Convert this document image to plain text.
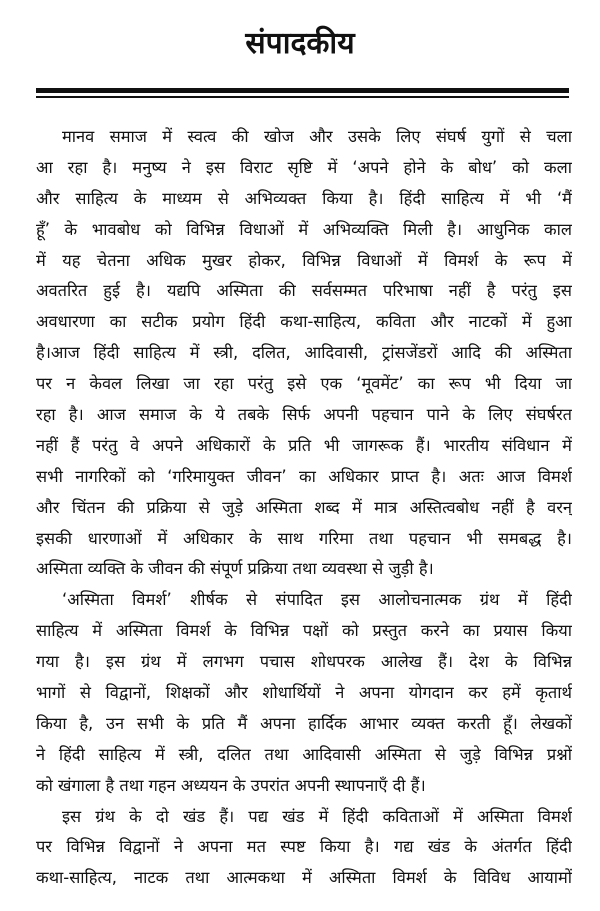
संपादकीय
मानव समाज में स्वत्व की खोज और उसके लिए संघर्ष युगों से चला
आ रहा है। मनुष्य ने इस विराट सृष्टि में ‘अपने होने के बोध’ को कला
और साहित्य के माध्यम से अभिव्यक्त किया है। हिंदी साहित्य में भी ‘मैं
हूँ’ के भावबोध को विभिन्न विधाओं में अभिव्यक्ति मिली है। आधुनिक काल
में यह चेतना अधिक मुखर होकर, विभिन्न विधाओं में विमर्श के रूप में
अवतरित हुई है। यद्यपि अस्मिता की सर्वसम्मत परिभाषा नहीं है परंतु इस
अवधारणा का सटीक प्रयोग हिंदी कथा-साहित्य, कविता और नाटकों में हुआ
है।आज हिंदी साहित्य में स्त्री, दलित, आदिवासी, ट्रांसजेंडरों आदि की अस्मिता
पर न केवल लिखा जा रहा परंतु इसे एक ‘मूवमेंट’ का रूप भी दिया जा
रहा है। आज समाज के ये तबके सिर्फ अपनी पहचान पाने के लिए संघर्षरत
नहीं हैं परंतु वे अपने अधिकारों के प्रति भी जागरूक हैं। भारतीय संविधान में
सभी नागरिकों को ‘गरिमायुक्त जीवन’ का अधिकार प्राप्त है। अतः आज विमर्श
और चिंतन की प्रक्रिया से जुड़े अस्मिता शब्द में मात्र अस्तित्वबोध नहीं है वरन्
इसकी धारणाओं में अधिकार के साथ गरिमा तथा पहचान भी समबद्ध है।
अस्मिता व्यक्ति के जीवन की संपूर्ण प्रक्रिया तथा व्यवस्था से जुड़ी है।
‘अस्मिता विमर्श’ शीर्षक से संपादित इस आलोचनात्मक ग्रंथ में हिंदी
साहित्य में अस्मिता विमर्श के विभिन्न पक्षों को प्रस्तुत करने का प्रयास किया
गया है। इस ग्रंथ में लगभग पचास शोधपरक आलेख हैं। देश के विभिन्न
भागों से विद्वानों, शिक्षकों और शोधार्थियों ने अपना योगदान कर हमें कृतार्थ
किया है, उन सभी के प्रति मैं अपना हार्दिक आभार व्यक्त करती हूँ। लेखकों
ने हिंदी साहित्य में स्त्री, दलित तथा आदिवासी अस्मिता से जुड़े विभिन्न प्रश्नों
को खंगाला है तथा गहन अध्ययन के उपरांत अपनी स्थापनाएँ दी हैं।
इस ग्रंथ के दो खंड हैं। पद्य खंड में हिंदी कविताओं में अस्मिता विमर्श
पर विभिन्न विद्वानों ने अपना मत स्पष्ट किया है। गद्य खंड के अंतर्गत हिंदी
कथा-साहित्य, नाटक तथा आत्मकथा में अस्मिता विमर्श के विविध आयामों
